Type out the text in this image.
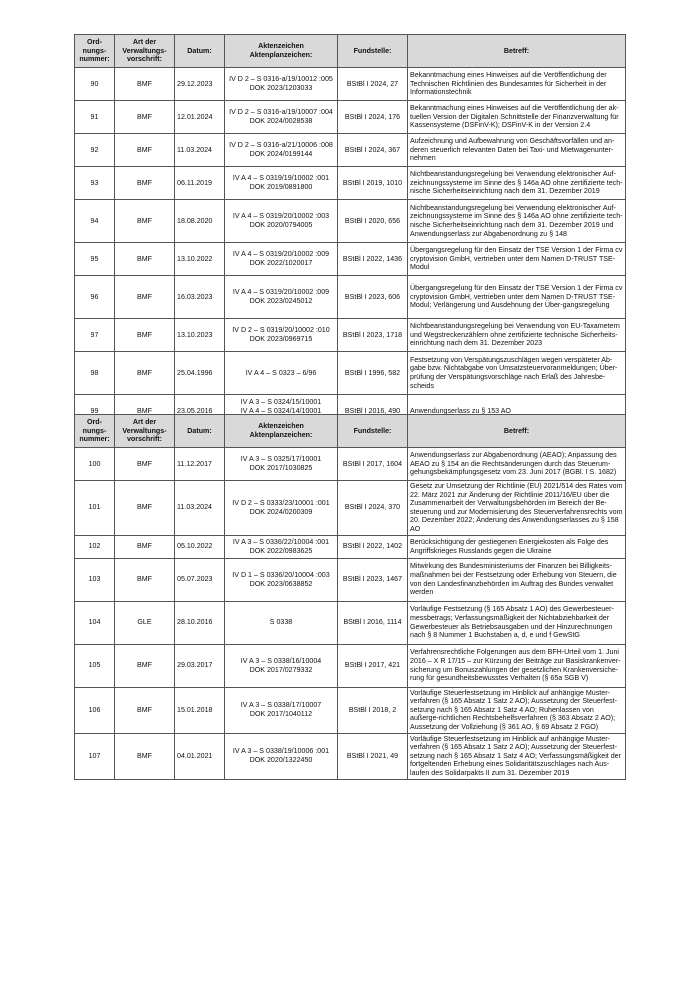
Ord-
nungs-
nummer:	Art der
Verwaltungs-
vorschrift:	Datum:	Aktenzeichen
Aktenplanzeichen:	Fundstelle:	Betreff:
90	BMF	29.12.2023	IV D 2 – S 0316-a/19/10012 :005
DOK 2023/1203033	BStBl I 2024, 27	Bekanntmachung eines Hinweises auf die Veröffentlichung der Technischen Richtlinien des Bundesamtes für Sicherheit in der Informationstechnik
91	BMF	12.01.2024	IV D 2 – S 0316-a/19/10007 :004
DOK 2024/0028538	BStBl I 2024, 176	Bekanntmachung eines Hinweises auf die Veröffentlichung der ak-tuellen Version der Digitalen Schnittstelle der Finanzverwaltung für Kassensysteme (DSFinV-K); DSFinV-K in der Version 2.4
92	BMF	11.03.2024	IV D 2 – S 0316-a/21/10006 :008
DOK 2024/0199144	BStBl I 2024, 367	Aufzeichnung und Aufbewahrung von Geschäftsvorfällen und an-deren steuerlich relevanten Daten bei Taxi- und Mietwagenunter-nehmen
93	BMF	06.11.2019	IV A 4 – S 0319/19/10002 :001
DOK 2019/0891800	BStBl I 2019, 1010	Nichtbeanstandungsregelung bei Verwendung elektronischer Auf-zeichnungssysteme im Sinne des § 146a AO ohne zertifizierte tech-nische Sicherheitseinrichtung nach dem 31. Dezember 2019
94	BMF	18.08.2020	IV A 4 – S 0319/20/10002 :003
DOK 2020/0794005	BStBl I 2020, 656	Nichtbeanstandungsregelung bei Verwendung elektronischer Auf-zeichnungssysteme im Sinne des § 146a AO ohne zertifizierte tech-nische Sicherheitseinrichtung nach dem 31. Dezember 2019 und Anwendungserlass zur Abgabenordnung zu § 148
95	BMF	13.10.2022	IV A 4 – S 0319/20/10002 :009
DOK 2022/1020017	BStBl I 2022, 1436	Übergangsregelung für den Einsatz der TSE Version 1 der Firma cv cryptovision GmbH, vertrieben unter dem Namen D-TRUST TSE-Modul
96	BMF	16.03.2023	IV A 4 – S 0319/20/10002 :009
DOK 2023/0245012	BStBl I 2023, 606	Übergangsregelung für den Einsatz der TSE Version 1 der Firma cv cryptovision GmbH, vertrieben unter dem Namen D-TRUST TSE-Modul; Verlängerung und Ausdehnung der Über-gangsregelung
97	BMF	13.10.2023	IV D 2 – S 0319/20/10002 :010
DOK 2023/0969715	BStBl I 2023, 1718	Nichtbeanstandungsregelung bei Verwendung von EU-Taxametern und Wegstreckenzählern ohne zertifizierte technische Sicherheits-einrichtung nach dem 31. Dezember 2023
98	BMF	25.04.1996	IV A 4 – S 0323 – 6/96	BStBl I 1996, 582	Festsetzung von Verspätungszuschlägen wegen verspäteter Ab-gabe bzw. Nichtabgabe von Umsatzsteuervoranmeldungen; Über-prüfung der Verspätungsvorschläge nach Erlaß des Jahresbe-scheids
99	BMF	23.05.2016	IV A 3 – S 0324/15/10001
IV A 4 – S 0324/14/10001	BStBl I 2016, 490	Anwendungserlass zu § 153 AO
Ord-
nungs-
nummer:	Art der
Verwaltungs-
vorschrift:	Datum:	Aktenzeichen
Aktenplanzeichen:	Fundstelle:	Betreff:
100	BMF	11.12.2017	IV A 3 – S 0325/17/10001
DOK 2017/1030825	BStBl I 2017, 1604	Anwendungserlass zur Abgabenordnung (AEAO); Anpassung des AEAO zu § 154 an die Rechtsänderungen durch das Steuerum-gehungsbekämpfungsgesetz vom 23. Juni 2017 (BGBl. I S. 1682)
101	BMF	11.03.2024	IV D 2 – S 0333/23/10001 :001
DOK 2024/0200309	BStBl I 2024, 370	Gesetz zur Umsetzung der Richtlinie (EU) 2021/514 des Rates vom 22. März 2021 zur Änderung der Richtlinie 2011/16/EU über die Zusammenarbeit der Verwaltungsbehörden im Bereich der Be-steuerung und zur Modernisierung des Steuerverfahrensrechts vom 20. Dezember 2022; Änderung des Anwendungserlasses zu § 158 AO
102	BMF	05.10.2022	IV A 3 – S 0336/22/10004 :001
DOK 2022/0983625	BStBl I 2022, 1402	Berücksichtigung der gestiegenen Energiekosten als Folge des Angriffskrieges Russlands gegen die Ukraine
103	BMF	05.07.2023	IV D 1 – S 0336/20/10004 :003
DOK 2023/0638852	BStBl I 2023, 1467	Mitwirkung des Bundesministeriums der Finanzen bei Billigkeits-maßnahmen bei der Festsetzung oder Erhebung von Steuern, die von den Landesfinanzbehörden im Auftrag des Bundes verwaltet werden
104	GLE	28.10.2016	S 0338	BStBl I 2016, 1114	Vorläufige Festsetzung (§ 165 Absatz 1 AO) des Gewerbesteuer-messbetrags; Verfassungsmäßigkeit der Nichtabziehbarkeit der Gewerbesteuer als Betriebsausgaben und der Hinzurechnungen nach § 8 Nummer 1 Buchstaben a, d, e und f GewStG
105	BMF	29.03.2017	IV A 3 – S 0338/16/10004
DOK 2017/0279332	BStBl I 2017, 421	Verfahrensrechtliche Folgerungen aus dem BFH-Urteil vom 1. Juni 2016 – X R 17/15 – zur Kürzung der Beiträge zur Basiskrankenver-sicherung um Bonuszahlungen der gesetzlichen Krankenversiche-rung für gesundheitsbewusstes Verhalten (§ 65a SGB V)
106	BMF	15.01.2018	IV A 3 – S 0338/17/10007
DOK 2017/1040112	BStBl I 2018, 2	Vorläufige Steuerfestsetzung im Hinblick auf anhängige Muster-verfahren (§ 165 Absatz 1 Satz 2 AO); Aussetzung der Steuerfest-setzung nach § 165 Absatz 1 Satz 4 AO; Ruhenlassen von außerge-richtlichen Rechtsbehelfsverfahren (§ 363 Absatz 2 AO); Aussetzung der Vollziehung (§ 361 AO, § 69 Absatz 2 FGO)
107	BMF	04.01.2021	IV A 3 – S 0338/19/10006 :001
DOK 2020/1322450	BStBl I 2021, 49	Vorläufige Steuerfestsetzung im Hinblick auf anhängige Muster-verfahren (§ 165 Absatz 1 Satz 2 AO); Aussetzung der Steuerfest-setzung nach § 165 Absatz 1 Satz 4 AO; Verfassungsmäßigkeit der fortgeltenden Erhebung eines Solidaritätszuschlages nach Aus-laufen des Solidarpakts II zum 31. Dezember 2019
